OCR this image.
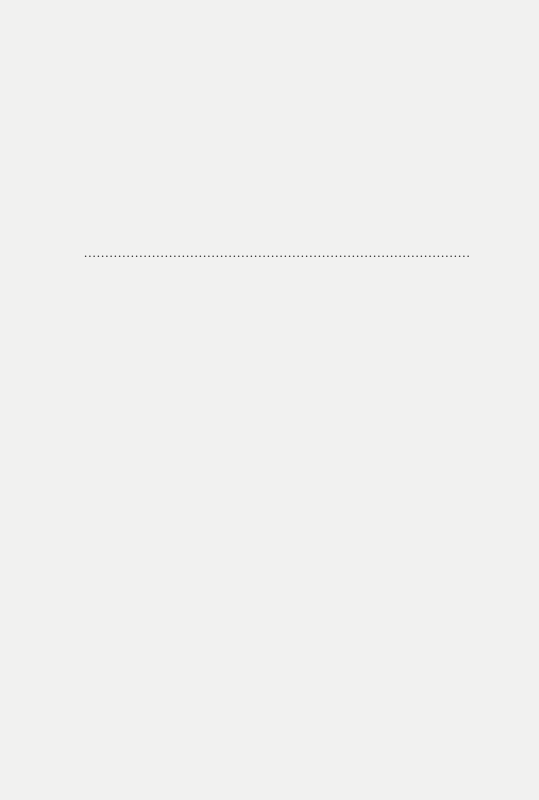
.....
